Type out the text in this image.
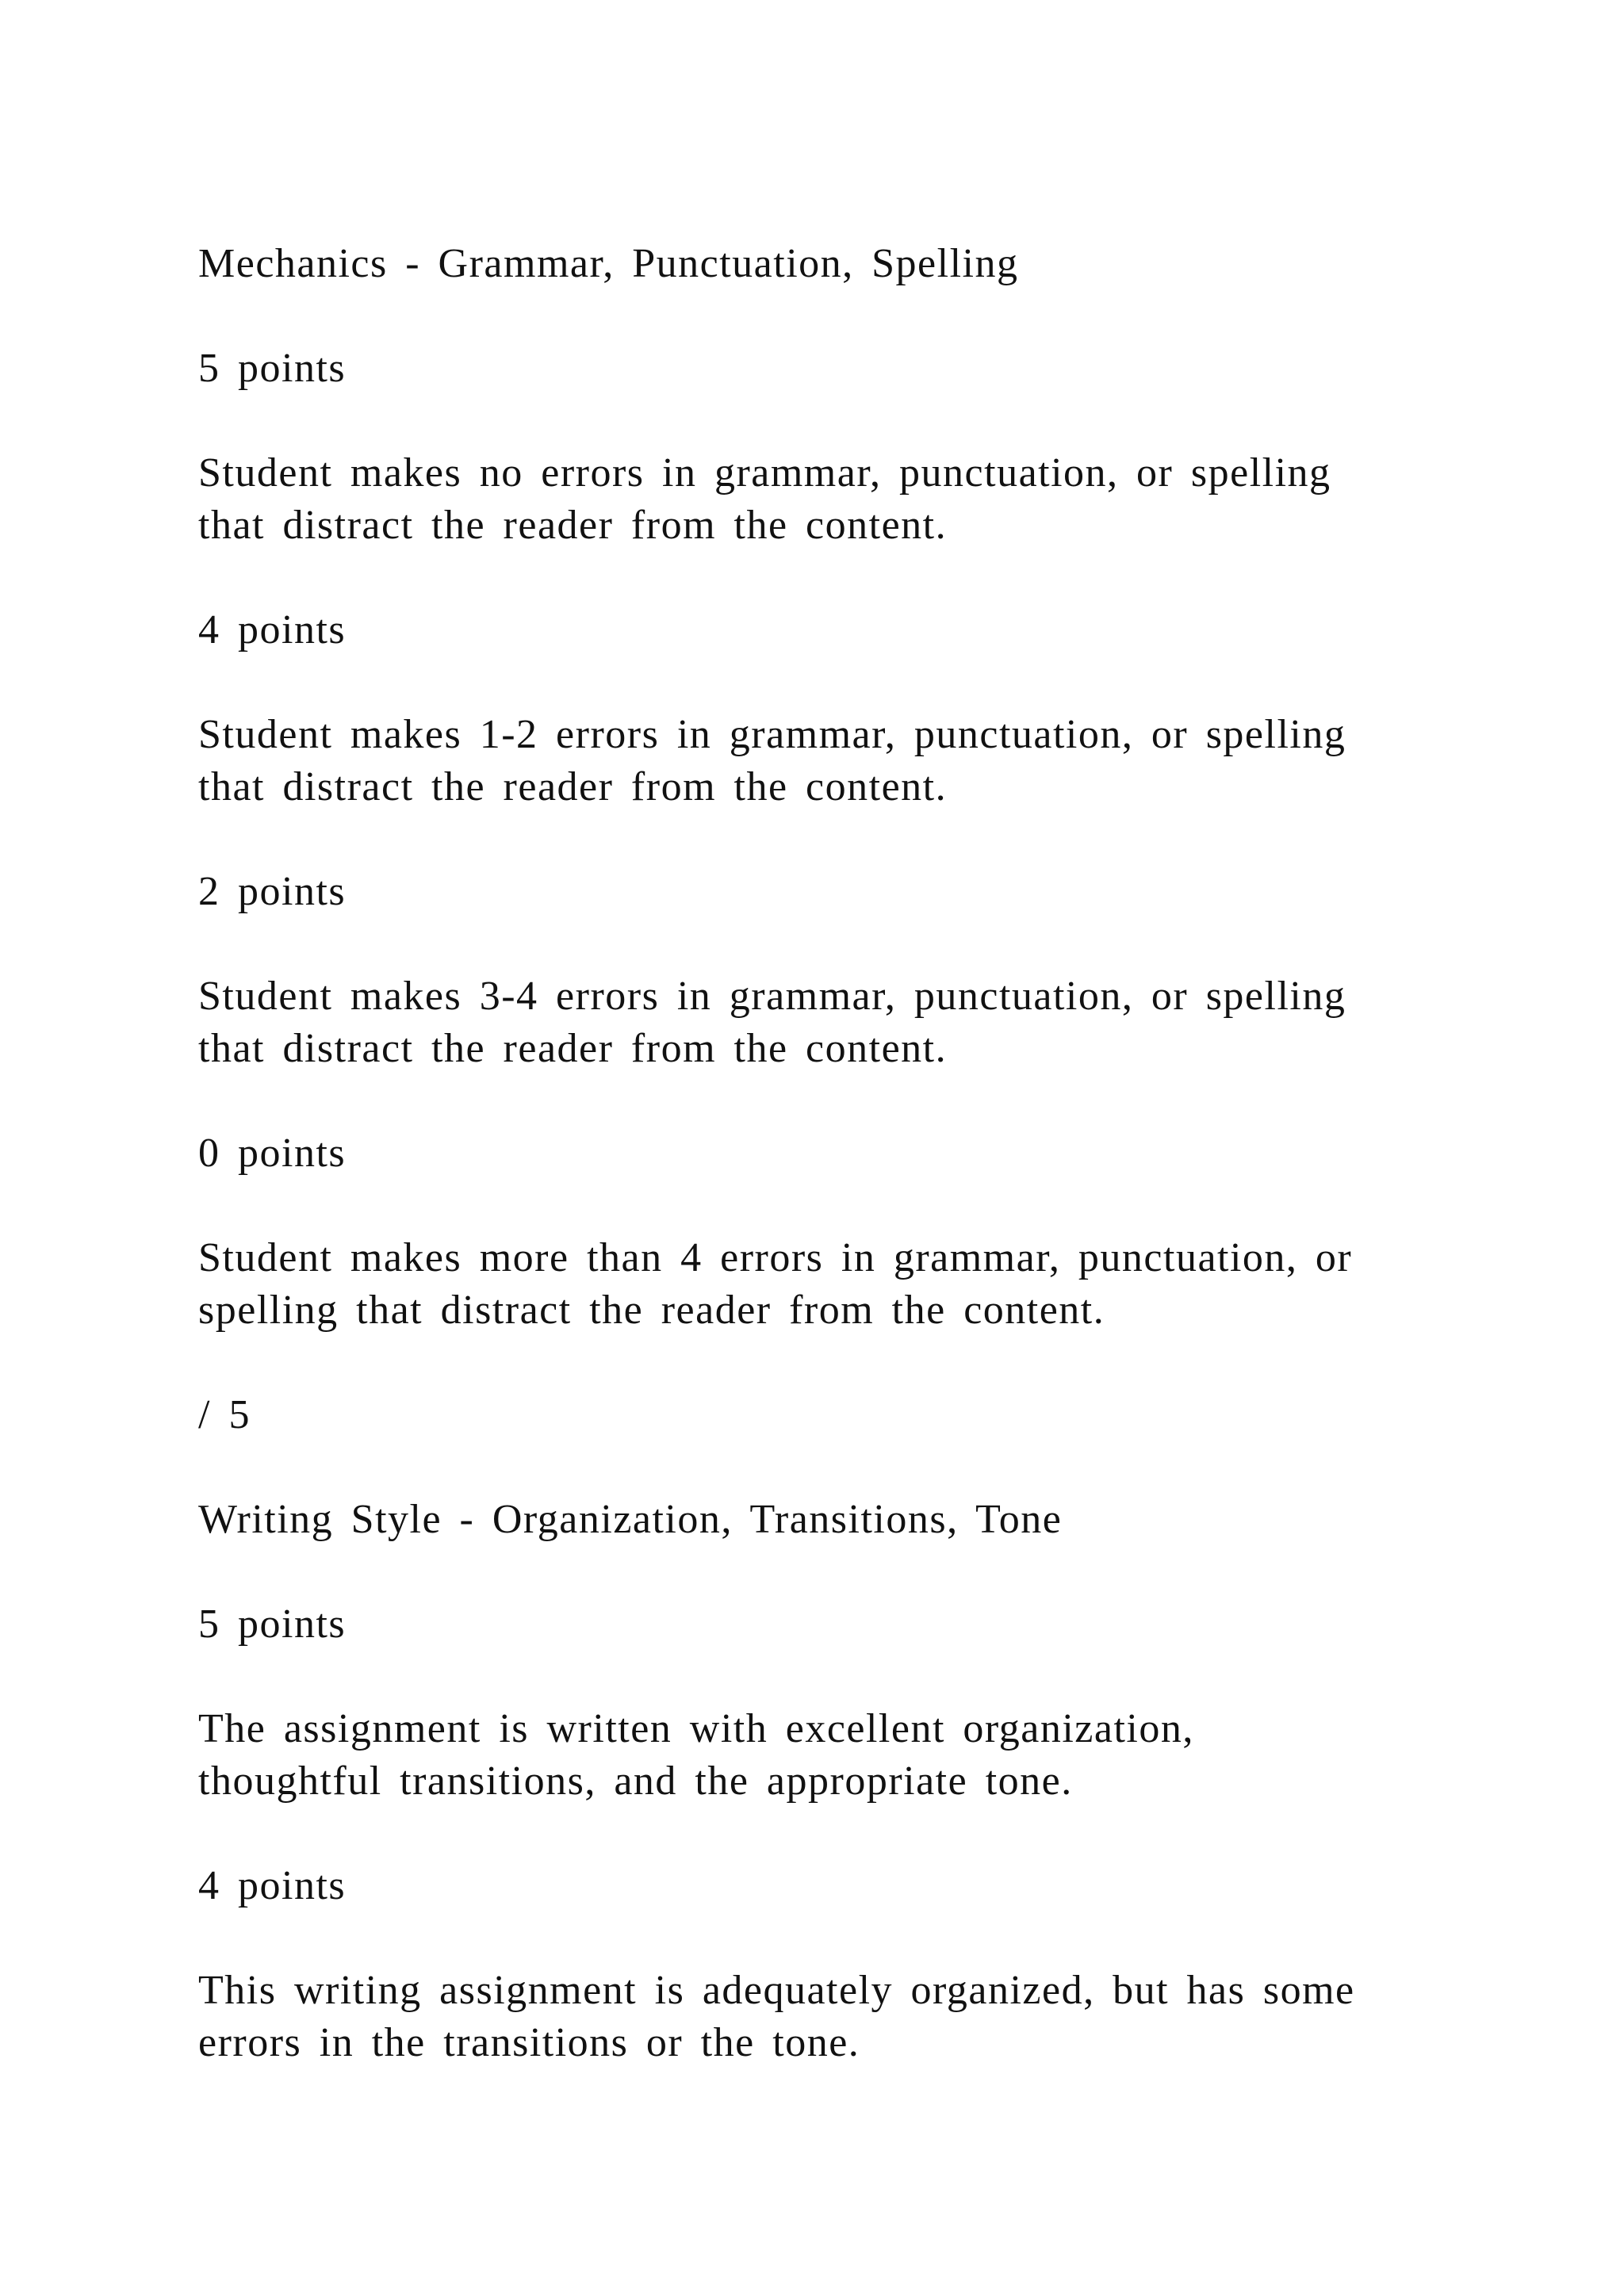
Mechanics - Grammar, Punctuation, Spelling

5 points

Student makes no errors in grammar, punctuation, or spelling
that distract the reader from the content.

4 points

Student makes 1-2 errors in grammar, punctuation, or spelling
that distract the reader from the content.

2 points

Student makes 3-4 errors in grammar, punctuation, or spelling
that distract the reader from the content.

0 points

Student makes more than 4 errors in grammar, punctuation, or
spelling that distract the reader from the content.

/ 5

Writing Style - Organization, Transitions, Tone

5 points

The assignment is written with excellent organization,
thoughtful transitions, and the appropriate tone.

4 points

This writing assignment is adequately organized, but has some
errors in the transitions or the tone.
